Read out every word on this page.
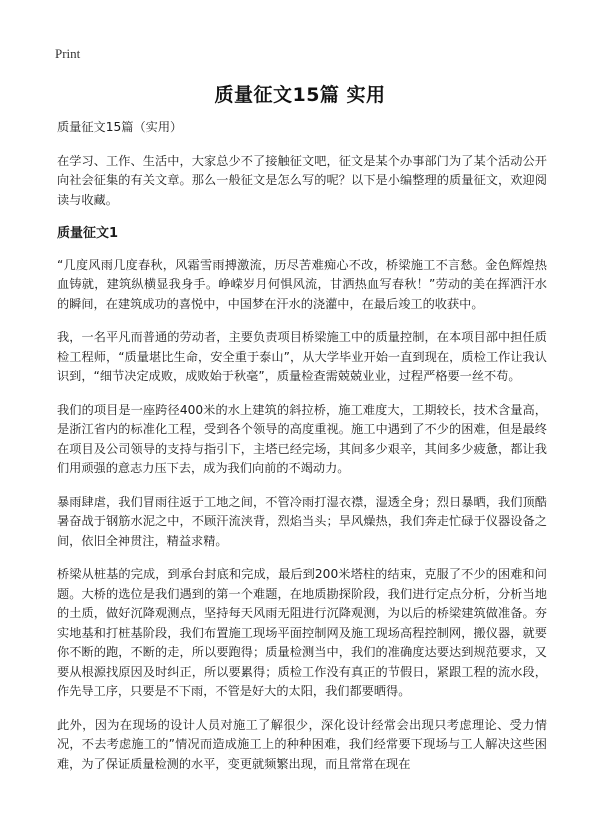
Print
质量征文15篇 实用

质量征文15篇（实用）

在学习、工作、生活中，大家总少不了接触征文吧，征文是某个办事部门为了某个活动公开向社会征集的有关文章。那么一般征文是怎么写的呢？以下是小编整理的质量征文，欢迎阅读与收藏。

质量征文1

“几度风雨几度春秋，风霜雪雨搏激流，历尽苦难痴心不改，桥梁施工不言愁。金色辉煌热血铸就，建筑纵横显我身手。峥嵘岁月何惧风流，甘洒热血写春秋！”劳动的美在挥洒汗水的瞬间，在建筑成功的喜悦中，中国梦在汗水的浇灌中，在最后竣工的收获中。

我，一名平凡而普通的劳动者，主要负责项目桥梁施工中的质量控制，在本项目部中担任质检工程师，“质量堪比生命，安全重于泰山”，从大学毕业开始一直到现在，质检工作让我认识到，“细节决定成败，成败始于秋毫”，质量检查需兢兢业业，过程严格要一丝不苟。

我们的项目是一座跨径400米的水上建筑的斜拉桥，施工难度大，工期较长，技术含量高，是浙江省内的标准化工程，受到各个领导的高度重视。施工中遇到了不少的困难，但是最终在项目及公司领导的支持与指引下，主塔已经完场，其间多少艰辛，其间多少疲惫，都让我们用顽强的意志力压下去，成为我们向前的不竭动力。

暴雨肆虐，我们冒雨往返于工地之间，不管冷雨打湿衣襟，湿透全身；烈日暴晒，我们顶酷暑奋战于钢筋水泥之中，不顾汗流浃背，烈焰当头；旱风燥热，我们奔走忙碌于仪器设备之间，依旧全神贯注，精益求精。

桥梁从桩基的完成，到承台封底和完成，最后到200米塔柱的结束，克服了不少的困难和问题。大桥的选位是我们遇到的第一个难题，在地质勘探阶段，我们进行定点分析，分析当地的土质，做好沉降观测点，坚持每天风雨无阻进行沉降观测，为以后的桥梁建筑做准备。夯实地基和打桩基阶段，我们布置施工现场平面控制网及施工现场高程控制网，搬仪器，就要你不断的跑，不断的走，所以要跑得；质量检测当中，我们的准确度达要达到规范要求，又要从根源找原因及时纠正，所以要累得；质检工作没有真正的节假日，紧跟工程的流水段，作先导工序，只要是不下雨，不管是好大的太阳，我们都要晒得。

此外，因为在现场的设计人员对施工了解很少，深化设计经常会出现只考虑理论、受力情况，不去考虑施工的”情况而造成施工上的种种困难，我们经常要下现场与工人解决这些困难，为了保证质量检测的水平，变更就频繁出现，而且常常在现在
